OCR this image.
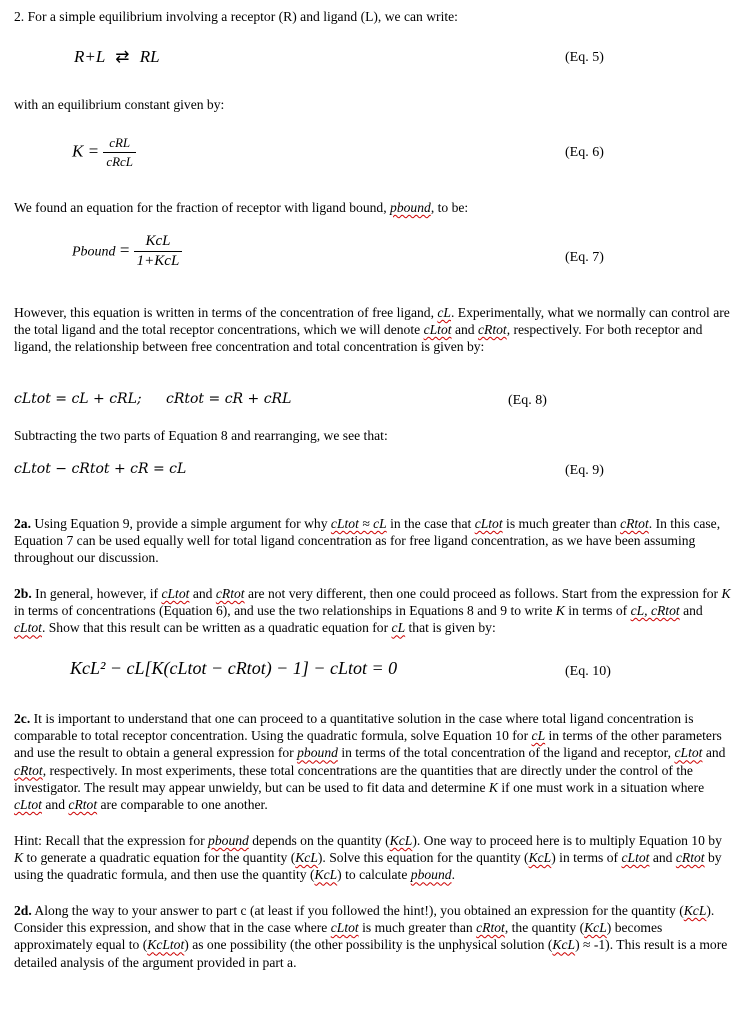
2. For a simple equilibrium involving a receptor (R) and ligand (L), we can write:
R+L ⇄ RL	(Eq. 5)
with an equilibrium constant given by:
$K = \frac{\text{cRL}}{\text{cRcL}}$	(Eq. 6)
We found an equation for the fraction of receptor with ligand bound, pbound, to be:
Pbound = $\frac{\text{KcL}}{\text{1+KcL}}$	(Eq. 7)
However, this equation is written in terms of the concentration of free ligand, cL. Experimentally, what we normally can control are the total ligand and the total receptor concentrations, which we will denote cLtot and cRtot, respectively. For both receptor and ligand, the relationship between free concentration and total concentration is given by:
cLtot = cL + cRL; cRtot = cR + cRL	(Eq. 8)
Subtracting the two parts of Equation 8 and rearranging, we see that:
cLtot − cRtot + cR = cL	(Eq. 9)
2a. Using Equation 9, provide a simple argument for why cLtot ≈ cL in the case that cLtot is much greater than cRtot. In this case, Equation 7 can be used equally well for total ligand concentration as for free ligand concentration, as we have been assuming throughout our discussion.
2b. In general, however, if cLtot and cRtot are not very different, then one could proceed as follows. Start from the expression for K in terms of concentrations (Equation 6), and use the two relationships in Equations 8 and 9 to write K in terms of cL, cRtot and cLtot. Show that this result can be written as a quadratic equation for cL that is given by:
KcL² − cL[K(cLtot − cRtot) − 1] − cLtot = 0	(Eq. 10)
2c. It is important to understand that one can proceed to a quantitative solution in the case where total ligand concentration is comparable to total receptor concentration. Using the quadratic formula, solve Equation 10 for cL in terms of the other parameters and use the result to obtain a general expression for pbound in terms of the total concentration of the ligand and receptor, cLtot and cRtot, respectively. In most experiments, these total concentrations are the quantities that are directly under the control of the investigator. The result may appear unwieldy, but can be used to fit data and determine K if one must work in a situation where cLtot and cRtot are comparable to one another.
Hint: Recall that the expression for pbound depends on the quantity (KcL). One way to proceed here is to multiply Equation 10 by K to generate a quadratic equation for the quantity (KcL). Solve this equation for the quantity (KcL) in terms of cLtot and cRtot by using the quadratic formula, and then use the quantity (KcL) to calculate pbound.
2d. Along the way to your answer to part c (at least if you followed the hint!), you obtained an expression for the quantity (KcL). Consider this expression, and show that in the case where cLtot is much greater than cRtot, the quantity (KcL) becomes approximately equal to (KcLtot) as one possibility (the other possibility is the unphysical solution (KcL) ≈ -1). This result is a more detailed analysis of the argument provided in part a.
